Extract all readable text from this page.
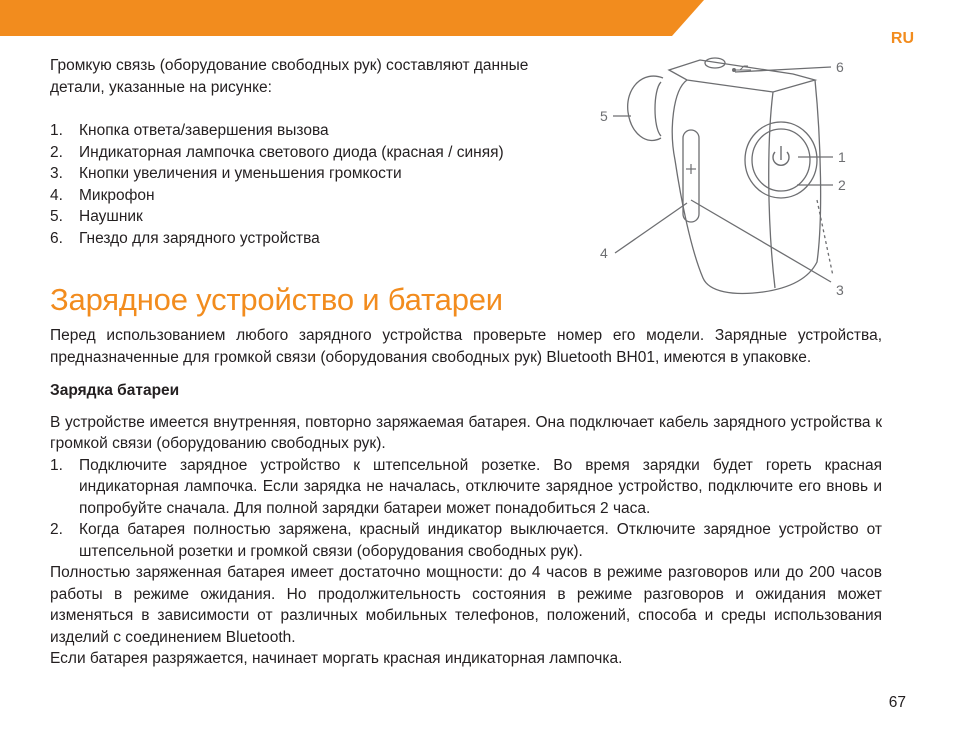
RU

Громкую связь (оборудование свободных рук) составляют данные детали, указанные на рисунке:

1. Кнопка ответа/завершения вызова
2. Индикаторная лампочка светового диода (красная / синяя)
3. Кнопки увеличения и уменьшения громкости
4. Микрофон
5. Наушник
6. Гнездо для зарядного устройства
6
5
1
2
4
3
Зарядное устройство и батареи

Перед использованием любого зарядного устройства проверьте номер его модели. Зарядные устройства, предназначенные для громкой связи (оборудования свободных рук) Bluetooth BH01, имеются в упаковке.

Зарядка батареи

В устройстве имеется внутренняя, повторно заряжаемая батарея. Она подключает кабель зарядного устройства к громкой связи (оборудованию свободных рук).

1. Подключите зарядное устройство к штепсельной розетке. Во время зарядки будет гореть красная индикаторная лампочка. Если зарядка не началась, отключите зарядное устройство, подключите его вновь и попробуйте сначала. Для полной зарядки батареи может понадобиться 2 часа.
2. Когда батарея полностью заряжена, красный индикатор выключается. Отключите зарядное устройство от штепсельной розетки и громкой связи (оборудования свободных рук).

Полностью заряженная батарея имеет достаточно мощности: до 4 часов в режиме разговоров или до 200 часов работы в режиме ожидания. Но продолжительность состояния в режиме разговоров и ожидания может изменяться в зависимости от различных мобильных телефонов, положений, способа и среды использования изделий с соединением Bluetooth.

Если батарея разряжается, начинает моргать красная индикаторная лампочка.

67
